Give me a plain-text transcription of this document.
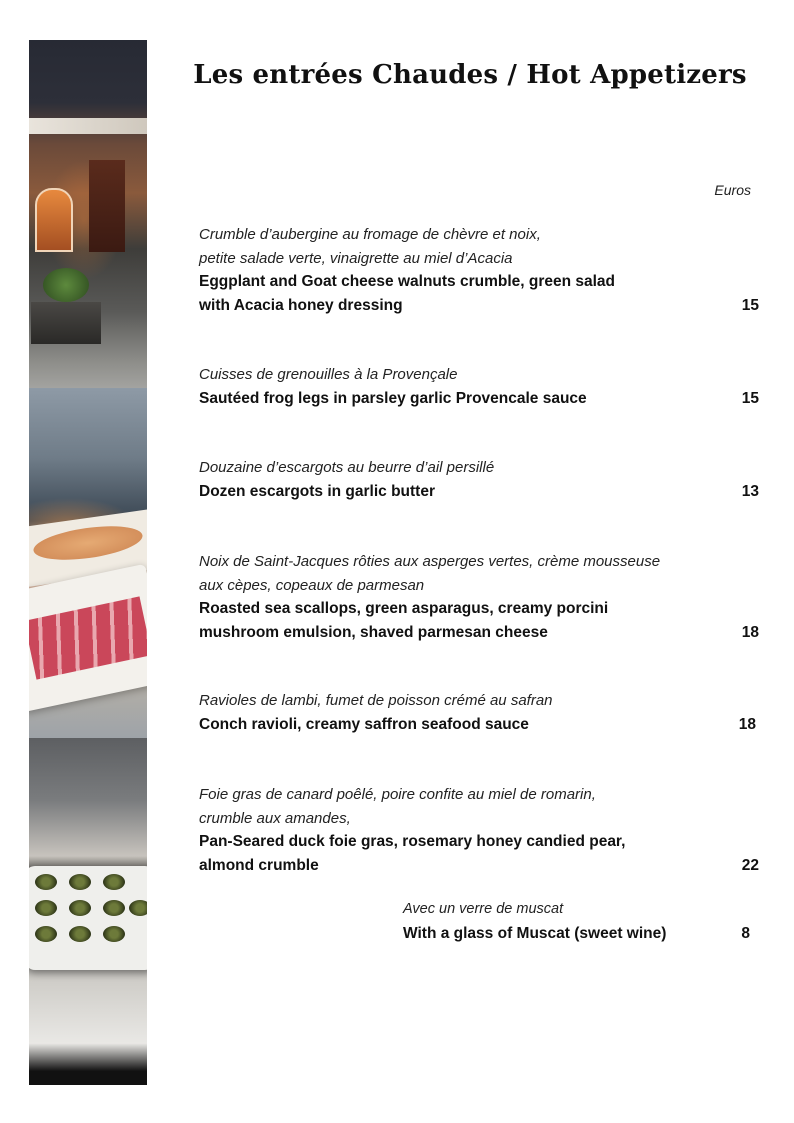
Les entrées Chaudes / Hot Appetizers
Euros
Crumble d’aubergine au fromage de chèvre et noix,
petite salade verte, vinaigrette au miel d’Acacia
Eggplant and Goat cheese walnuts crumble, green salad
with Acacia honey dressing	15
Cuisses de grenouilles à la Provençale
Sautéed frog legs in parsley garlic Provencale sauce	15
Douzaine d’escargots au beurre d’ail persillé
Dozen escargots in garlic butter	13
Noix de Saint-Jacques rôties aux asperges vertes, crème mousseuse
aux cèpes, copeaux de parmesan
Roasted sea scallops, green asparagus, creamy porcini
mushroom emulsion, shaved parmesan cheese	18
Ravioles de lambi, fumet de poisson crémé au safran
Conch ravioli, creamy saffron seafood sauce	18
Foie gras de canard poêlé, poire confite au miel de romarin,
crumble aux amandes,
Pan-Seared duck foie gras, rosemary honey candied pear,
almond crumble	22
Avec un verre de muscat
With a glass of Muscat (sweet wine)	8
